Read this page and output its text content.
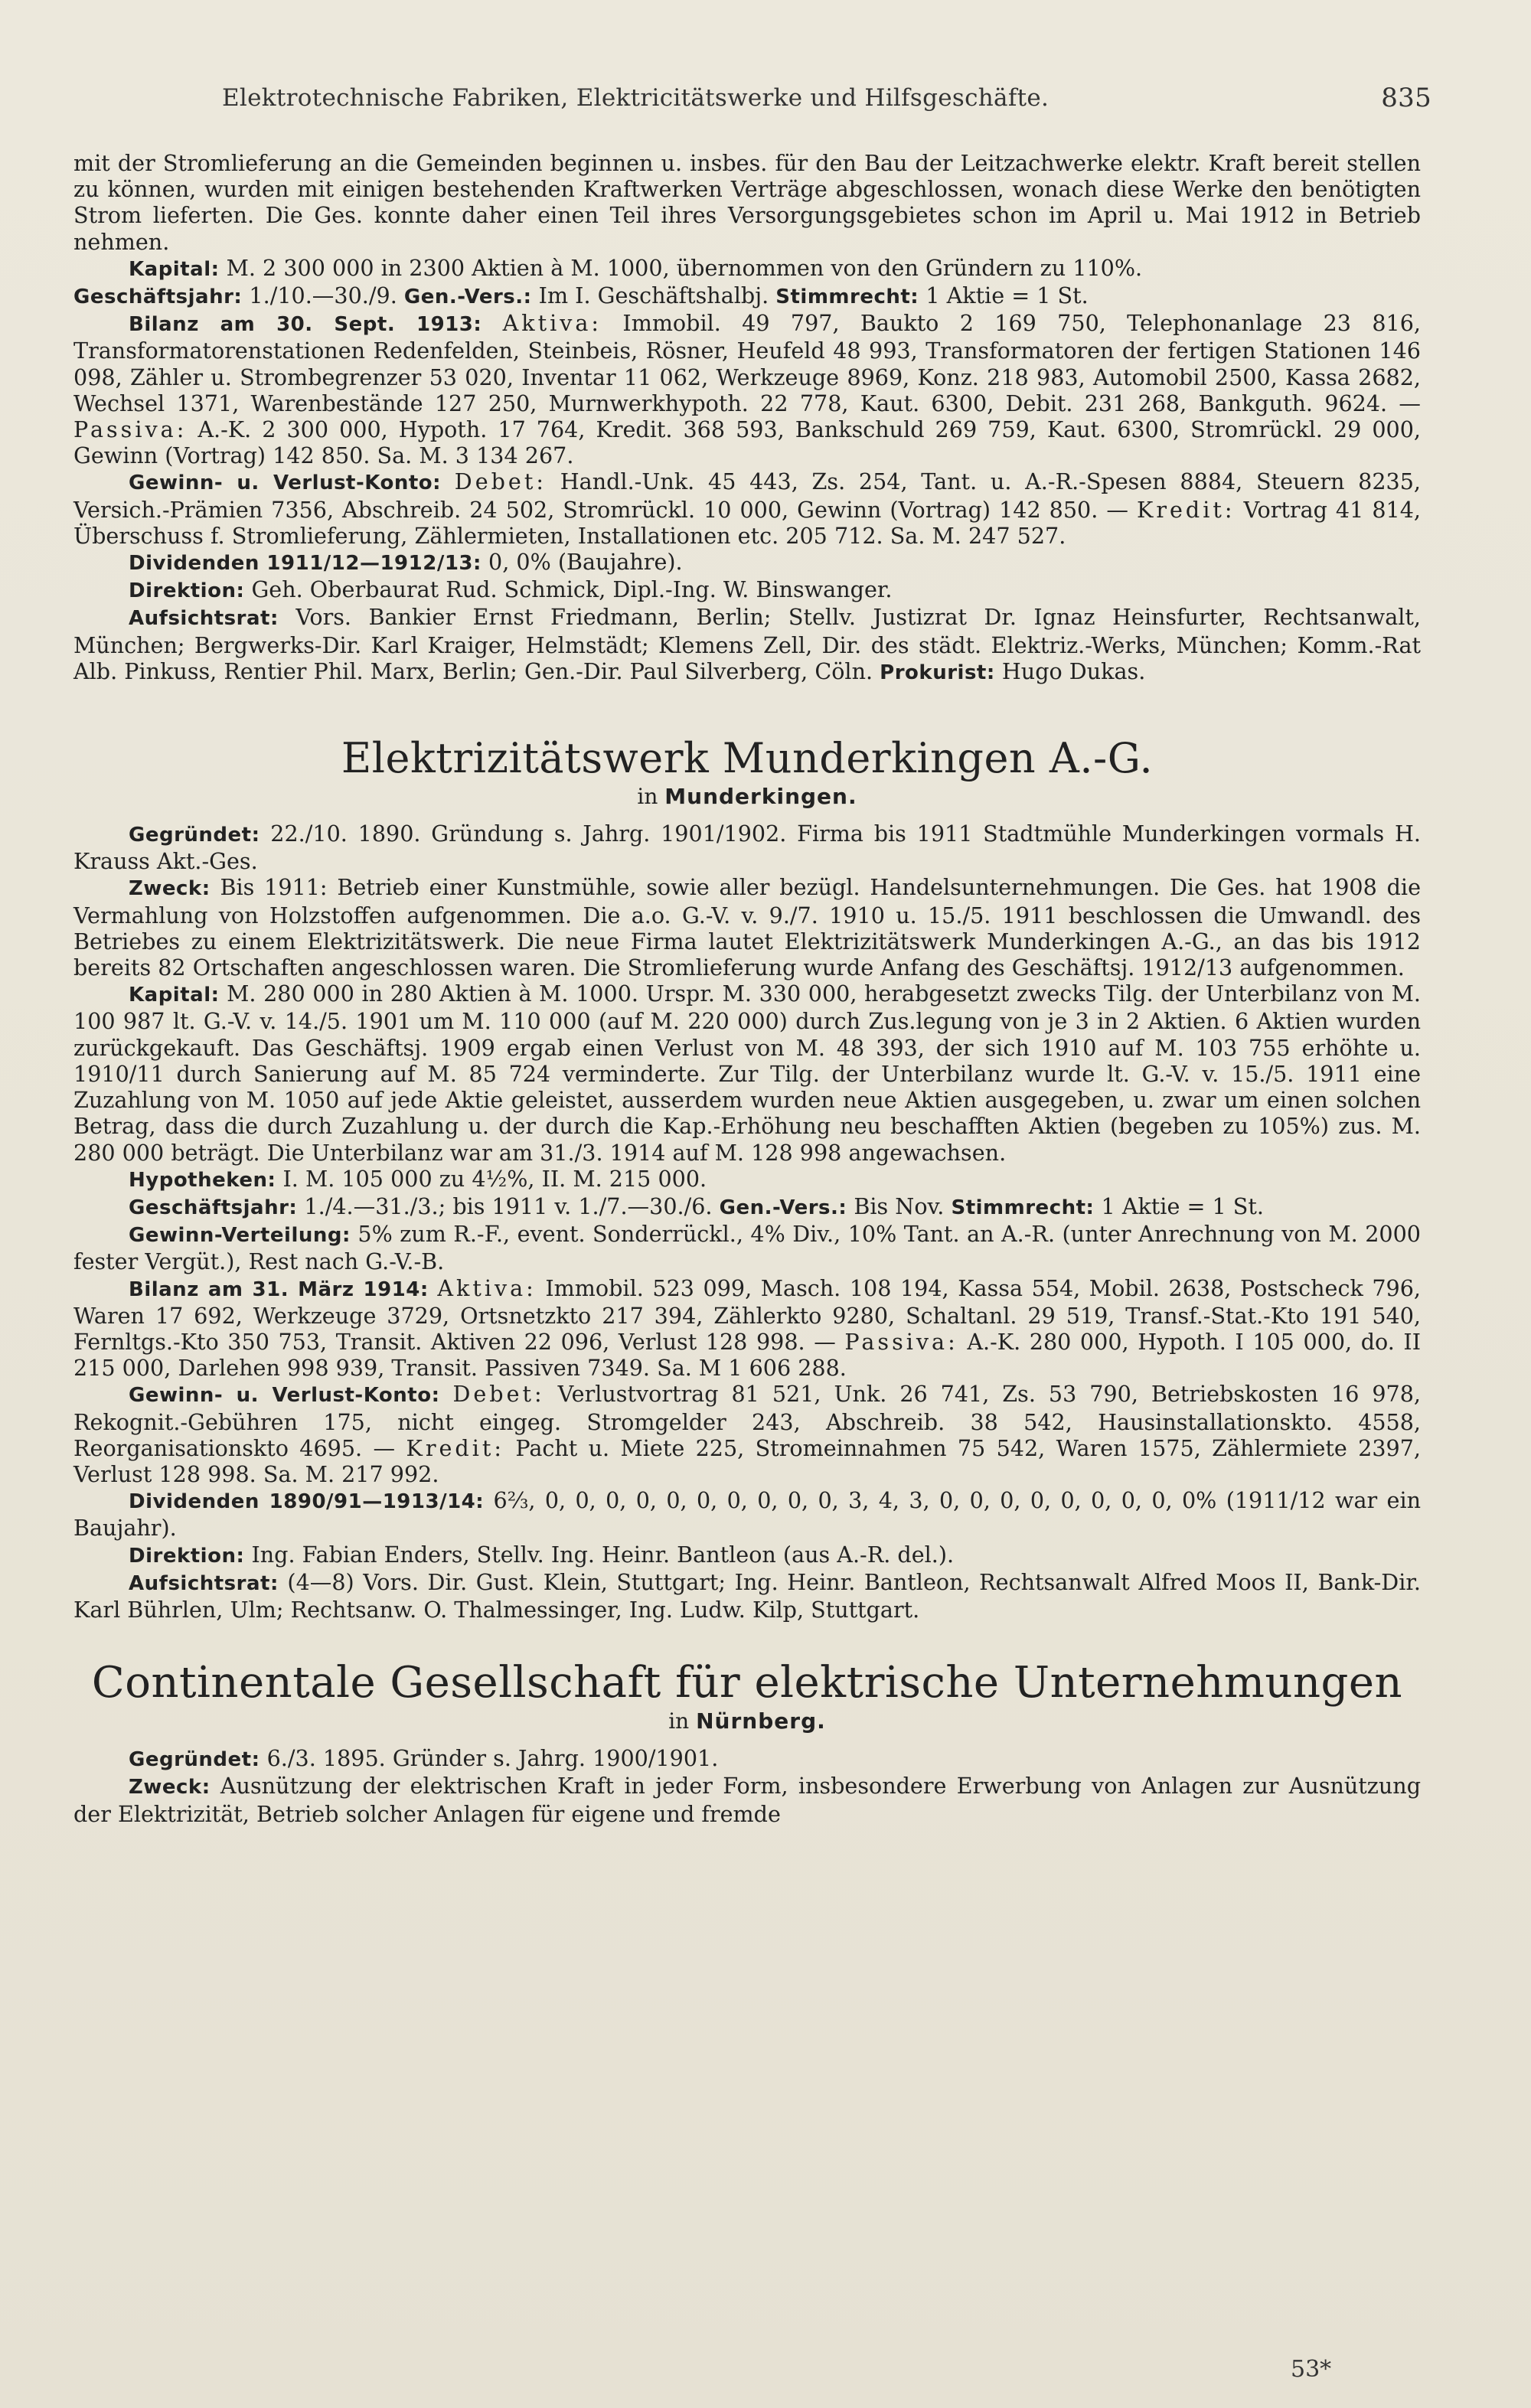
Elektrotechnische Fabriken, Elektricitätswerke und Hilfsgeschäfte.	835

mit der Stromlieferung an die Gemeinden beginnen u. insbes. für den Bau der Leitzachwerke elektr. Kraft bereit stellen zu können, wurden mit einigen bestehenden Kraftwerken Verträge abgeschlossen, wonach diese Werke den benötigten Strom lieferten. Die Ges. konnte daher einen Teil ihres Versorgungsgebietes schon im April u. Mai 1912 in Betrieb nehmen.

Kapital: M. 2 300 000 in 2300 Aktien à M. 1000, übernommen von den Gründern zu 110%.

Geschäftsjahr: 1./10.—30./9. Gen.-Vers.: Im I. Geschäftshalbj. Stimmrecht: 1 Aktie = 1 St.

Bilanz am 30. Sept. 1913: Aktiva: Immobil. 49 797, Baukto 2 169 750, Telephonanlage 23 816, Transformatorenstationen Redenfelden, Steinbeis, Rösner, Heufeld 48 993, Transformatoren der fertigen Stationen 146 098, Zähler u. Strombegrenzer 53 020, Inventar 11 062, Werkzeuge 8969, Konz. 218 983, Automobil 2500, Kassa 2682, Wechsel 1371, Warenbestände 127 250, Murnwerkhypoth. 22 778, Kaut. 6300, Debit. 231 268, Bankguth. 9624. — Passiva: A.-K. 2 300 000, Hypoth. 17 764, Kredit. 368 593, Bankschuld 269 759, Kaut. 6300, Stromrückl. 29 000, Gewinn (Vortrag) 142 850. Sa. M. 3 134 267.

Gewinn- u. Verlust-Konto: Debet: Handl.-Unk. 45 443, Zs. 254, Tant. u. A.-R.-Spesen 8884, Steuern 8235, Versich.-Prämien 7356, Abschreib. 24 502, Stromrückl. 10 000, Gewinn (Vortrag) 142 850. — Kredit: Vortrag 41 814, Überschuss f. Stromlieferung, Zählermieten, Installationen etc. 205 712. Sa. M. 247 527.

Dividenden 1911/12—1912/13: 0, 0% (Baujahre).

Direktion: Geh. Oberbaurat Rud. Schmick, Dipl.-Ing. W. Binswanger.

Aufsichtsrat: Vors. Bankier Ernst Friedmann, Berlin; Stellv. Justizrat Dr. Ignaz Heinsfurter, Rechtsanwalt, München; Bergwerks-Dir. Karl Kraiger, Helmstädt; Klemens Zell, Dir. des städt. Elektriz.-Werks, München; Komm.-Rat Alb. Pinkuss, Rentier Phil. Marx, Berlin; Gen.-Dir. Paul Silverberg, Cöln. Prokurist: Hugo Dukas.

Elektrizitätswerk Munderkingen A.-G.
in Munderkingen.

Gegründet: 22./10. 1890. Gründung s. Jahrg. 1901/1902. Firma bis 1911 Stadtmühle Munderkingen vormals H. Krauss Akt.-Ges.

Zweck: Bis 1911: Betrieb einer Kunstmühle, sowie aller bezügl. Handelsunternehmungen. Die Ges. hat 1908 die Vermahlung von Holzstoffen aufgenommen. Die a.o. G.-V. v. 9./7. 1910 u. 15./5. 1911 beschlossen die Umwandl. des Betriebes zu einem Elektrizitätswerk. Die neue Firma lautet Elektrizitätswerk Munderkingen A.-G., an das bis 1912 bereits 82 Ortschaften angeschlossen waren. Die Stromlieferung wurde Anfang des Geschäftsj. 1912/13 aufgenommen.

Kapital: M. 280 000 in 280 Aktien à M. 1000. Urspr. M. 330 000, herabgesetzt zwecks Tilg. der Unterbilanz von M. 100 987 lt. G.-V. v. 14./5. 1901 um M. 110 000 (auf M. 220 000) durch Zus.legung von je 3 in 2 Aktien. 6 Aktien wurden zurückgekauft. Das Geschäftsj. 1909 ergab einen Verlust von M. 48 393, der sich 1910 auf M. 103 755 erhöhte u. 1910/11 durch Sanierung auf M. 85 724 verminderte. Zur Tilg. der Unterbilanz wurde lt. G.-V. v. 15./5. 1911 eine Zuzahlung von M. 1050 auf jede Aktie geleistet, ausserdem wurden neue Aktien ausgegeben, u. zwar um einen solchen Betrag, dass die durch Zuzahlung u. der durch die Kap.-Erhöhung neu beschafften Aktien (begeben zu 105%) zus. M. 280 000 beträgt. Die Unterbilanz war am 31./3. 1914 auf M. 128 998 angewachsen.

Hypotheken: I. M. 105 000 zu 4½%, II. M. 215 000.

Geschäftsjahr: 1./4.—31./3.; bis 1911 v. 1./7.—30./6. Gen.-Vers.: Bis Nov. Stimmrecht: 1 Aktie = 1 St.

Gewinn-Verteilung: 5% zum R.-F., event. Sonderrückl., 4% Div., 10% Tant. an A.-R. (unter Anrechnung von M. 2000 fester Vergüt.), Rest nach G.-V.-B.

Bilanz am 31. März 1914: Aktiva: Immobil. 523 099, Masch. 108 194, Kassa 554, Mobil. 2638, Postscheck 796, Waren 17 692, Werkzeuge 3729, Ortsnetzkto 217 394, Zählerkto 9280, Schaltanl. 29 519, Transf.-Stat.-Kto 191 540, Fernltgs.-Kto 350 753, Transit. Aktiven 22 096, Verlust 128 998. — Passiva: A.-K. 280 000, Hypoth. I 105 000, do. II 215 000, Darlehen 998 939, Transit. Passiven 7349. Sa. M 1 606 288.

Gewinn- u. Verlust-Konto: Debet: Verlustvortrag 81 521, Unk. 26 741, Zs. 53 790, Betriebskosten 16 978, Rekognit.-Gebühren 175, nicht eingeg. Stromgelder 243, Abschreib. 38 542, Hausinstallationskto. 4558, Reorganisationskto 4695. — Kredit: Pacht u. Miete 225, Stromeinnahmen 75 542, Waren 1575, Zählermiete 2397, Verlust 128 998. Sa. M. 217 992.

Dividenden 1890/91—1913/14: 6⅔, 0, 0, 0, 0, 0, 0, 0, 0, 0, 0, 3, 4, 3, 0, 0, 0, 0, 0, 0, 0, 0, 0% (1911/12 war ein Baujahr).

Direktion: Ing. Fabian Enders, Stellv. Ing. Heinr. Bantleon (aus A.-R. del.).

Aufsichtsrat: (4—8) Vors. Dir. Gust. Klein, Stuttgart; Ing. Heinr. Bantleon, Rechtsanwalt Alfred Moos II, Bank-Dir. Karl Bührlen, Ulm; Rechtsanw. O. Thalmessinger, Ing. Ludw. Kilp, Stuttgart.

Continentale Gesellschaft für elektrische Unternehmungen
in Nürnberg.

Gegründet: 6./3. 1895. Gründer s. Jahrg. 1900/1901.

Zweck: Ausnützung der elektrischen Kraft in jeder Form, insbesondere Erwerbung von Anlagen zur Ausnützung der Elektrizität, Betrieb solcher Anlagen für eigene und fremde

53*
